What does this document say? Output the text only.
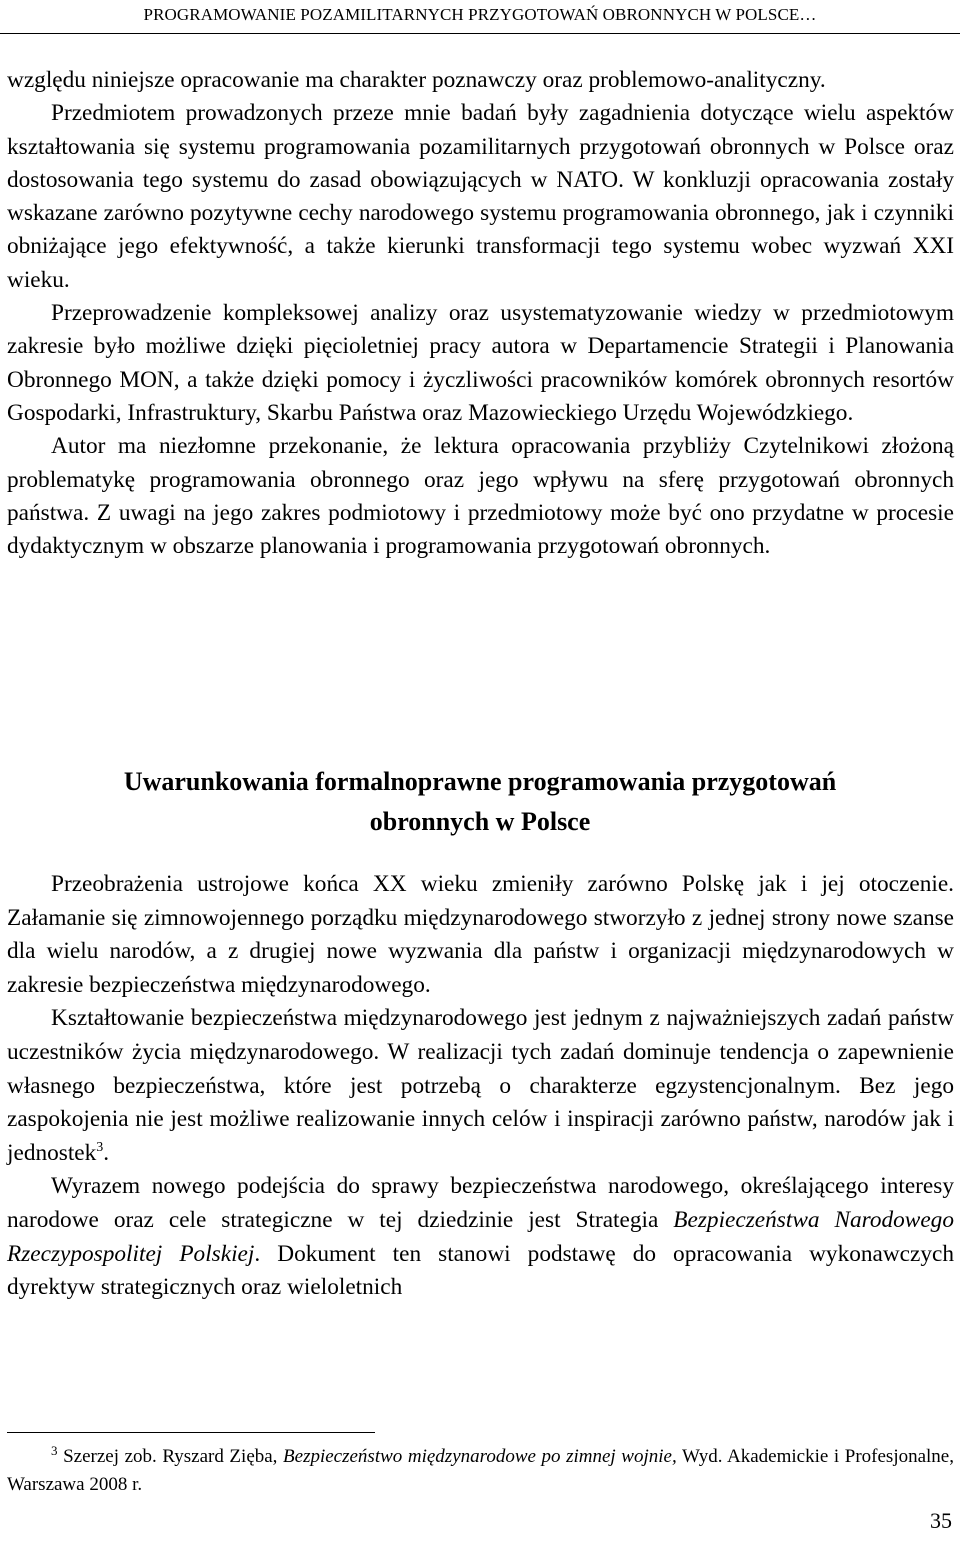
PROGRAMOWANIE POZAMILITARNYCH PRZYGOTOWAŃ OBRONNYCH W POLSCE…

względu niniejsze opracowanie ma charakter poznawczy oraz problemowo-analityczny.

Przedmiotem prowadzonych przeze mnie badań były zagadnienia dotyczące wielu aspektów kształtowania się systemu programowania pozamilitarnych przygotowań obronnych w Polsce oraz dostosowania tego systemu do zasad obowiązujących w NATO. W konkluzji opracowania zostały wskazane zarówno pozytywne cechy narodowego systemu programowania obronnego, jak i czynniki obniżające jego efektywność, a także kierunki transformacji tego systemu wobec wyzwań XXI wieku.

Przeprowadzenie kompleksowej analizy oraz usystematyzowanie wiedzy w przedmiotowym zakresie było możliwe dzięki pięcioletniej pracy autora w Departamencie Strategii i Planowania Obronnego MON, a także dzięki pomocy i życzliwości pracowników komórek obronnych resortów Gospodarki, Infrastruktury, Skarbu Państwa oraz Mazowieckiego Urzędu Wojewódzkiego.

Autor ma niezłomne przekonanie, że lektura opracowania przybliży Czytelnikowi złożoną problematykę programowania obronnego oraz jego wpływu na sferę przygotowań obronnych państwa. Z uwagi na jego zakres podmiotowy i przedmiotowy może być ono przydatne w procesie dydaktycznym w obszarze planowania i programowania przygotowań obronnych.

Uwarunkowania formalnoprawne programowania przygotowań
obronnych w Polsce

Przeobrażenia ustrojowe końca XX wieku zmieniły zarówno Polskę jak i jej otoczenie. Załamanie się zimnowojennego porządku międzynarodowego stworzyło z jednej strony nowe szanse dla wielu narodów, a z drugiej nowe wyzwania dla państw i organizacji międzynarodowych w zakresie bezpieczeństwa międzynarodowego.

Kształtowanie bezpieczeństwa międzynarodowego jest jednym z najważniejszych zadań państw uczestników życia międzynarodowego. W realizacji tych zadań dominuje tendencja o zapewnienie własnego bezpieczeństwa, które jest potrzebą o charakterze egzystencjonalnym. Bez jego zaspokojenia nie jest możliwe realizowanie innych celów i inspiracji zarówno państw, narodów jak i jednostek$^3$.

Wyrazem nowego podejścia do sprawy bezpieczeństwa narodowego, określającego interesy narodowe oraz cele strategiczne w tej dziedzinie jest Strategia Bezpieczeństwa Narodowego Rzeczypospolitej Polskiej. Dokument ten stanowi podstawę do opracowania wykonawczych dyrektyw strategicznych oraz wieloletnich

$^3$ Szerzej zob. Ryszard Zięba, Bezpieczeństwo międzynarodowe po zimnej wojnie, Wyd. Akademickie i Profesjonalne, Warszawa 2008 r.

35
